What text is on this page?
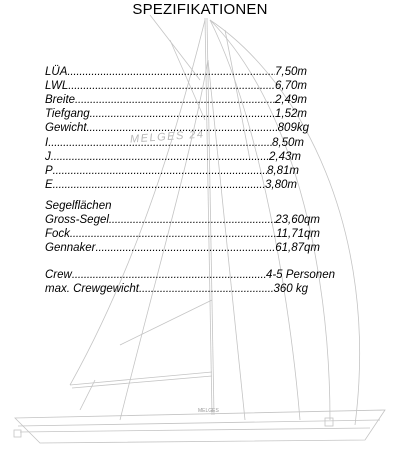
MELGES
SPEZIFIKATIONEN
MELGES 24
LÜA .....	7,50m
LWL .....	6,70m
Breite .....	2,49m
Tiefgang .....	1,52m
Gewicht .....	809kg
I .....	8,50m
J .....	2,43m
P .....	8,81m
E .....	3,80m
Segelflächen
Gross-Segel .....	23,60qm
Fock .....	11,71qm
Gennaker .....	61,87qm
Crew .....	4-5 Personen
max. Crewgewicht .....	360 kg
